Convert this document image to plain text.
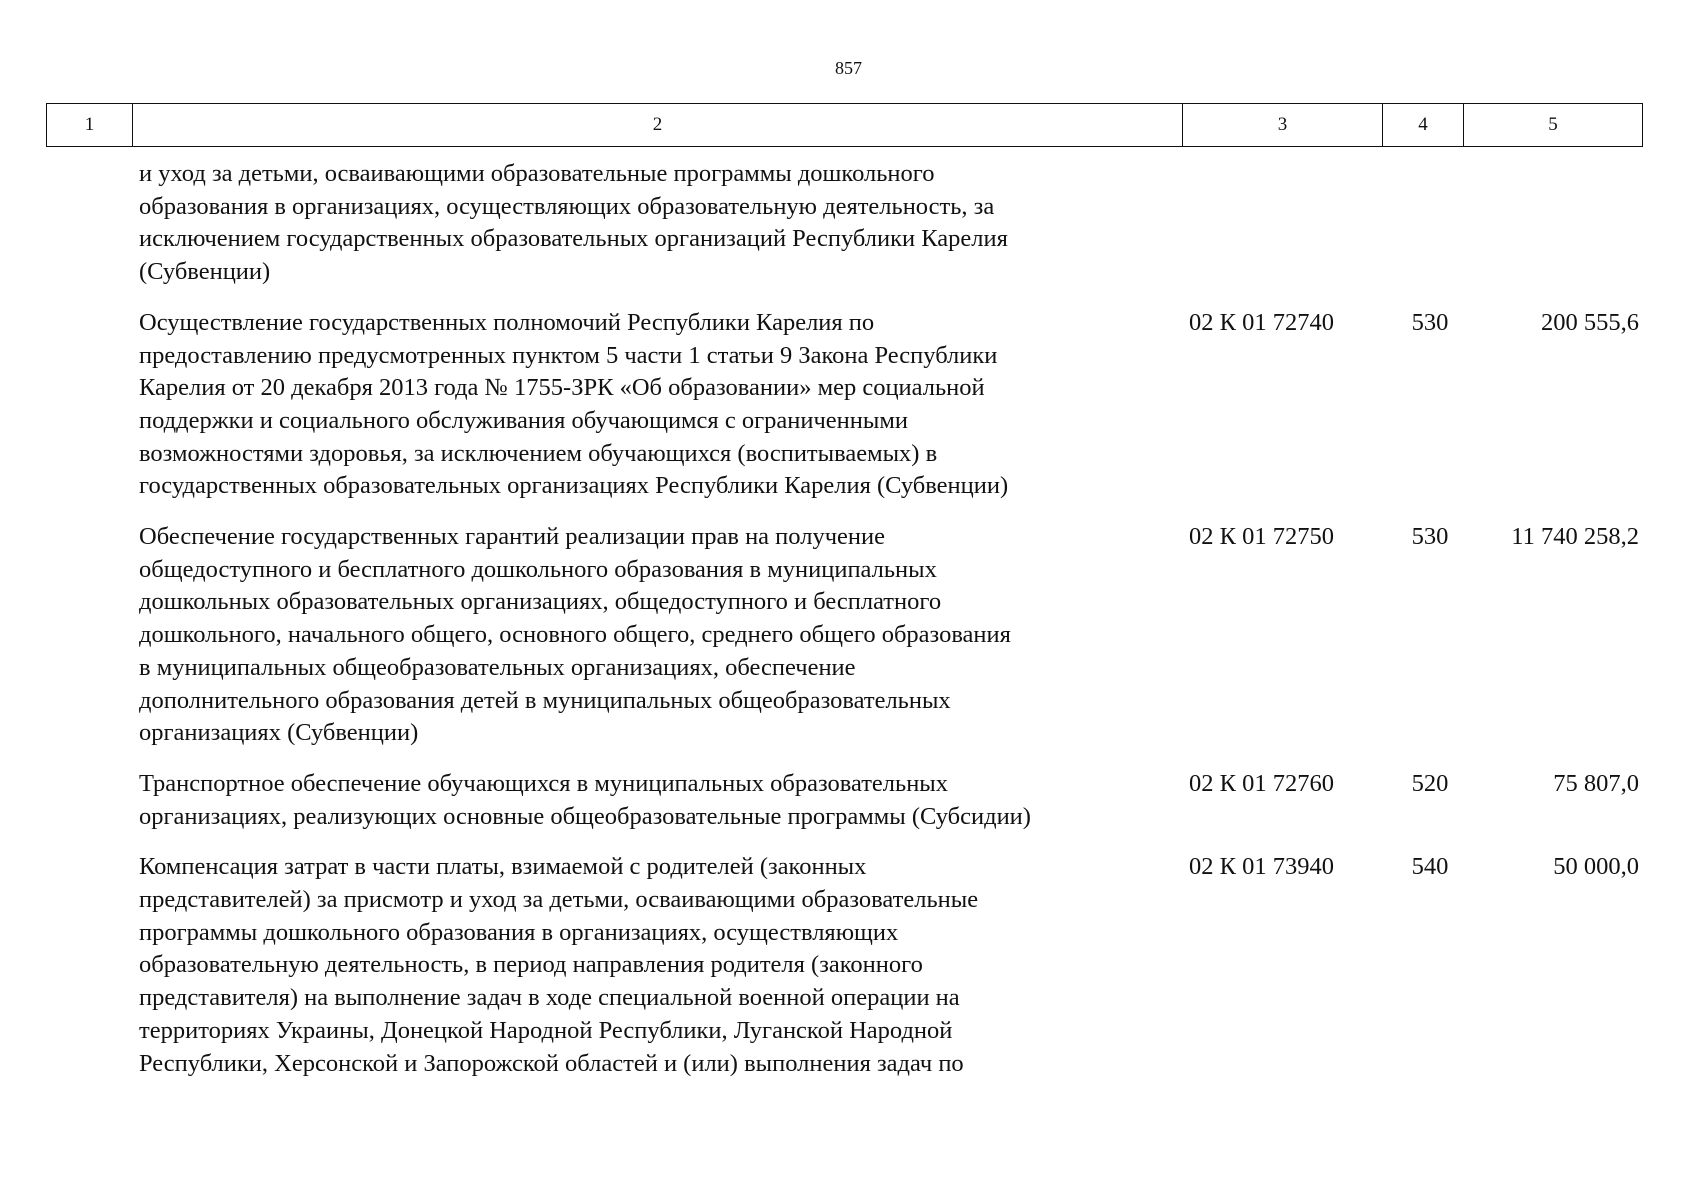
857
1	2	3	4	5
и уход за детьми, осваивающими образовательные программы дошкольного
образования в организациях, осуществляющих образовательную деятельность, за
исключением государственных образовательных организаций Республики Карелия
(Субвенции)
Осуществление государственных полномочий Республики Карелия по
предоставлению предусмотренных пунктом 5 части 1 статьи 9 Закона Республики
Карелия от 20 декабря 2013 года № 1755-ЗРК «Об образовании» мер социальной
поддержки и социального обслуживания обучающимся с ограниченными
возможностями здоровья, за исключением обучающихся (воспитываемых) в
государственных образовательных организациях Республики Карелия (Субвенции)
02 К 01 72740	530	200 555,6
Обеспечение государственных гарантий реализации прав на получение
общедоступного и бесплатного дошкольного образования в муниципальных
дошкольных образовательных организациях, общедоступного и бесплатного
дошкольного, начального общего, основного общего, среднего общего образования
в муниципальных общеобразовательных организациях, обеспечение
дополнительного образования детей в муниципальных общеобразовательных
организациях (Субвенции)
02 К 01 72750	530	11 740 258,2
Транспортное обеспечение обучающихся в муниципальных образовательных
организациях, реализующих основные общеобразовательные программы (Субсидии)
02 К 01 72760	520	75 807,0
Компенсация затрат в части платы, взимаемой с родителей (законных
представителей) за присмотр и уход за детьми, осваивающими образовательные
программы дошкольного образования в организациях, осуществляющих
образовательную деятельность, в период направления родителя (законного
представителя) на выполнение задач в ходе специальной военной операции на
территориях Украины, Донецкой Народной Республики, Луганской Народной
Республики, Херсонской и Запорожской областей и (или) выполнения задач по
02 К 01 73940	540	50 000,0
